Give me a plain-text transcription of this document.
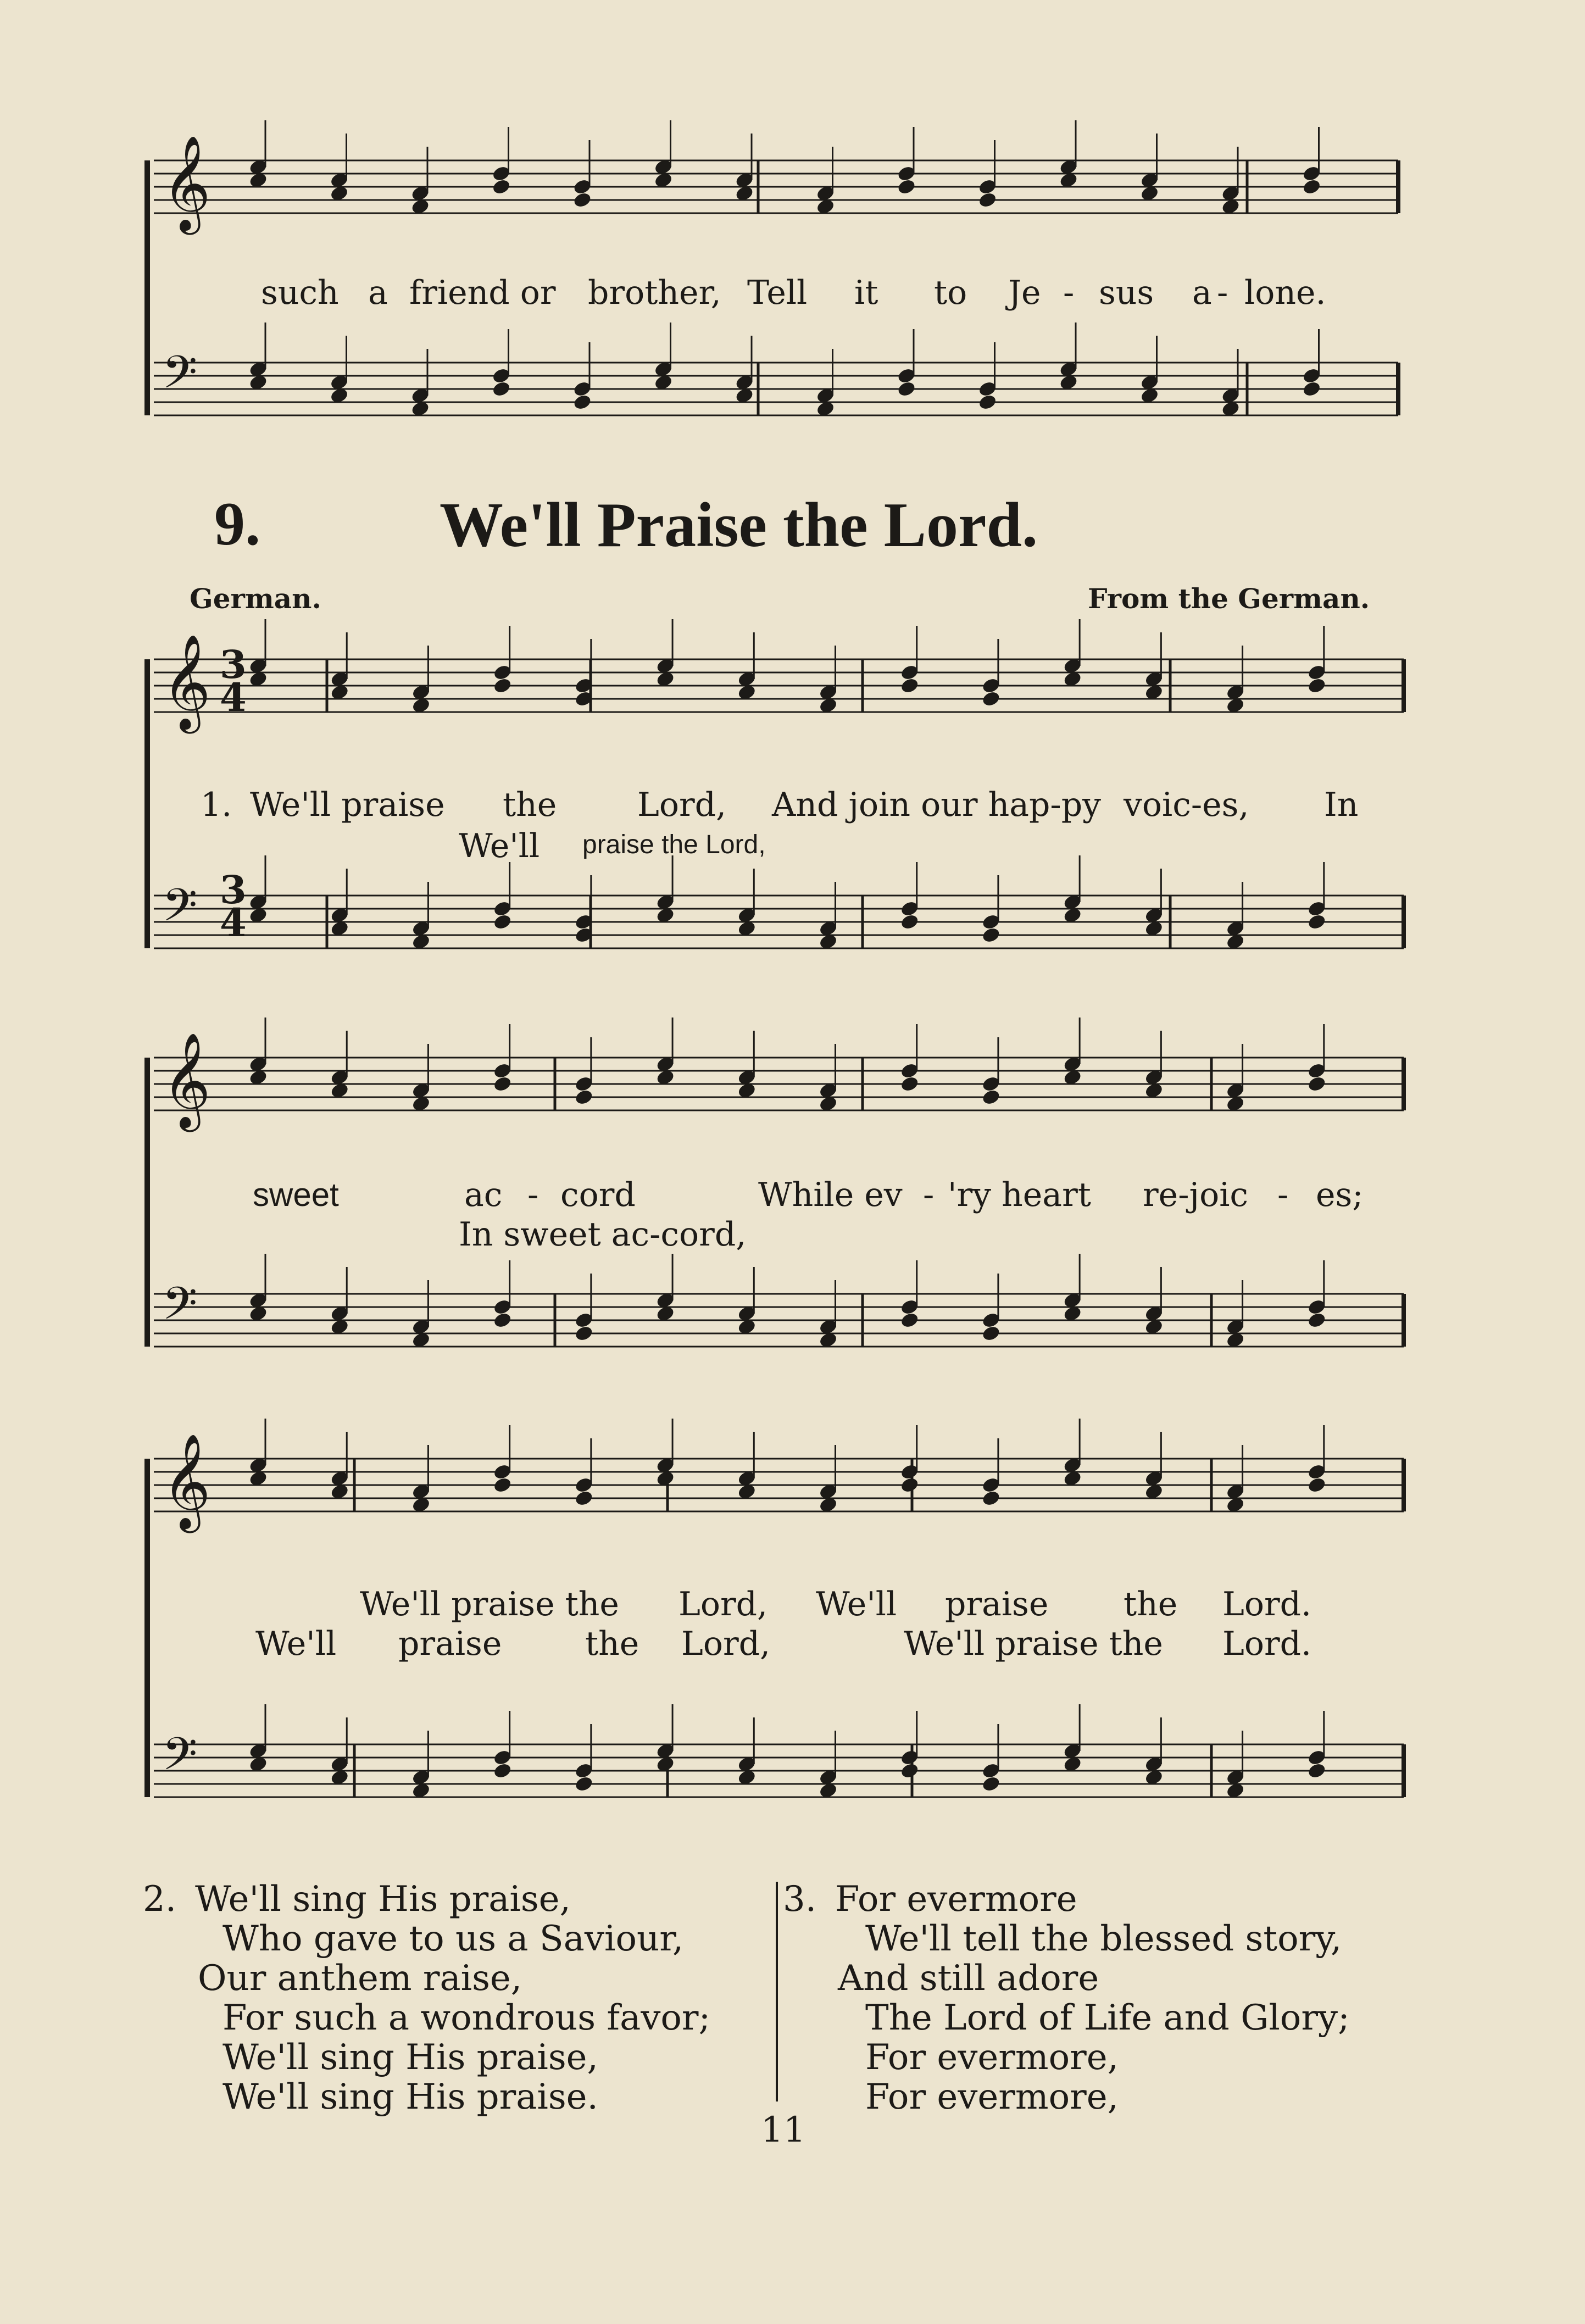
𝄞
𝄢
𝄞
𝄢
𝄞
𝄢
𝄞
𝄢
such a friend or brother, Tell it to Je - sus a - lone.
9.	We'll Praise the Lord.
German.	From the German.
3
4
3
4
1. We'll praise the Lord, And join our hap-py voic-es, In
We'll praise the Lord,
sweet	ac - cord	While ev - 'ry heart re-joic - es;
In sweet ac-cord,
We'll praise the Lord, We'll praise the Lord.
We'll praise	the Lord,	We'll praise the Lord.
2. We'll sing His praise,
Who gave to us a Saviour,
Our anthem raise,
For such a wondrous favor;
We'll sing His praise,
We'll sing His praise.
3. For evermore
We'll tell the blessed story,
And still adore
The Lord of Life and Glory;
For evermore,
For evermore,
11
